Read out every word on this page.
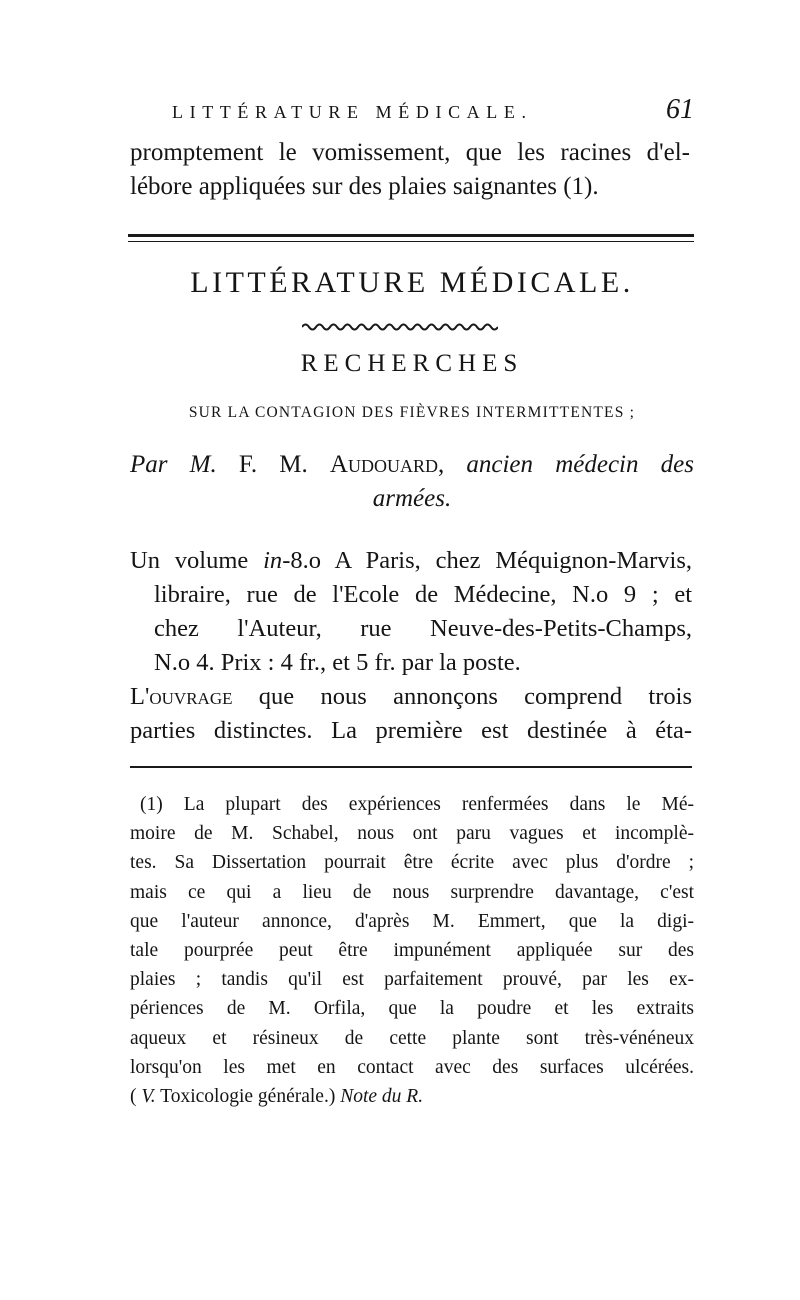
LITTÉRATURE MÉDICALE.	61
promptement le vomissement, que les racines d'el-
lébore appliquées sur des plaies saignantes (1).
LITTÉRATURE MÉDICALE.
RECHERCHES
SUR LA CONTAGION DES FIÈVRES INTERMITTENTES ;
Par M. F. M. Audouard, ancien médecin des
armées.
Un volume in-8.o A Paris, chez Méquignon-Marvis,
libraire, rue de l'Ecole de Médecine, N.o 9 ; et
chez l'Auteur, rue Neuve-des-Petits-Champs,
N.o 4. Prix : 4 fr., et 5 fr. par la poste.
L'ouvrage que nous annonçons comprend trois
parties distinctes. La première est destinée à éta-
(1) La plupart des expériences renfermées dans le Mé-
moire de M. Schabel, nous ont paru vagues et incomplè-
tes. Sa Dissertation pourrait être écrite avec plus d'ordre ;
mais ce qui a lieu de nous surprendre davantage, c'est
que l'auteur annonce, d'après M. Emmert, que la digi-
tale pourprée peut être impunément appliquée sur des
plaies ; tandis qu'il est parfaitement prouvé, par les ex-
périences de M. Orfila, que la poudre et les extraits
aqueux et résineux de cette plante sont très-vénéneux
lorsqu'on les met en contact avec des surfaces ulcérées.
( V. Toxicologie générale.) Note du R.
